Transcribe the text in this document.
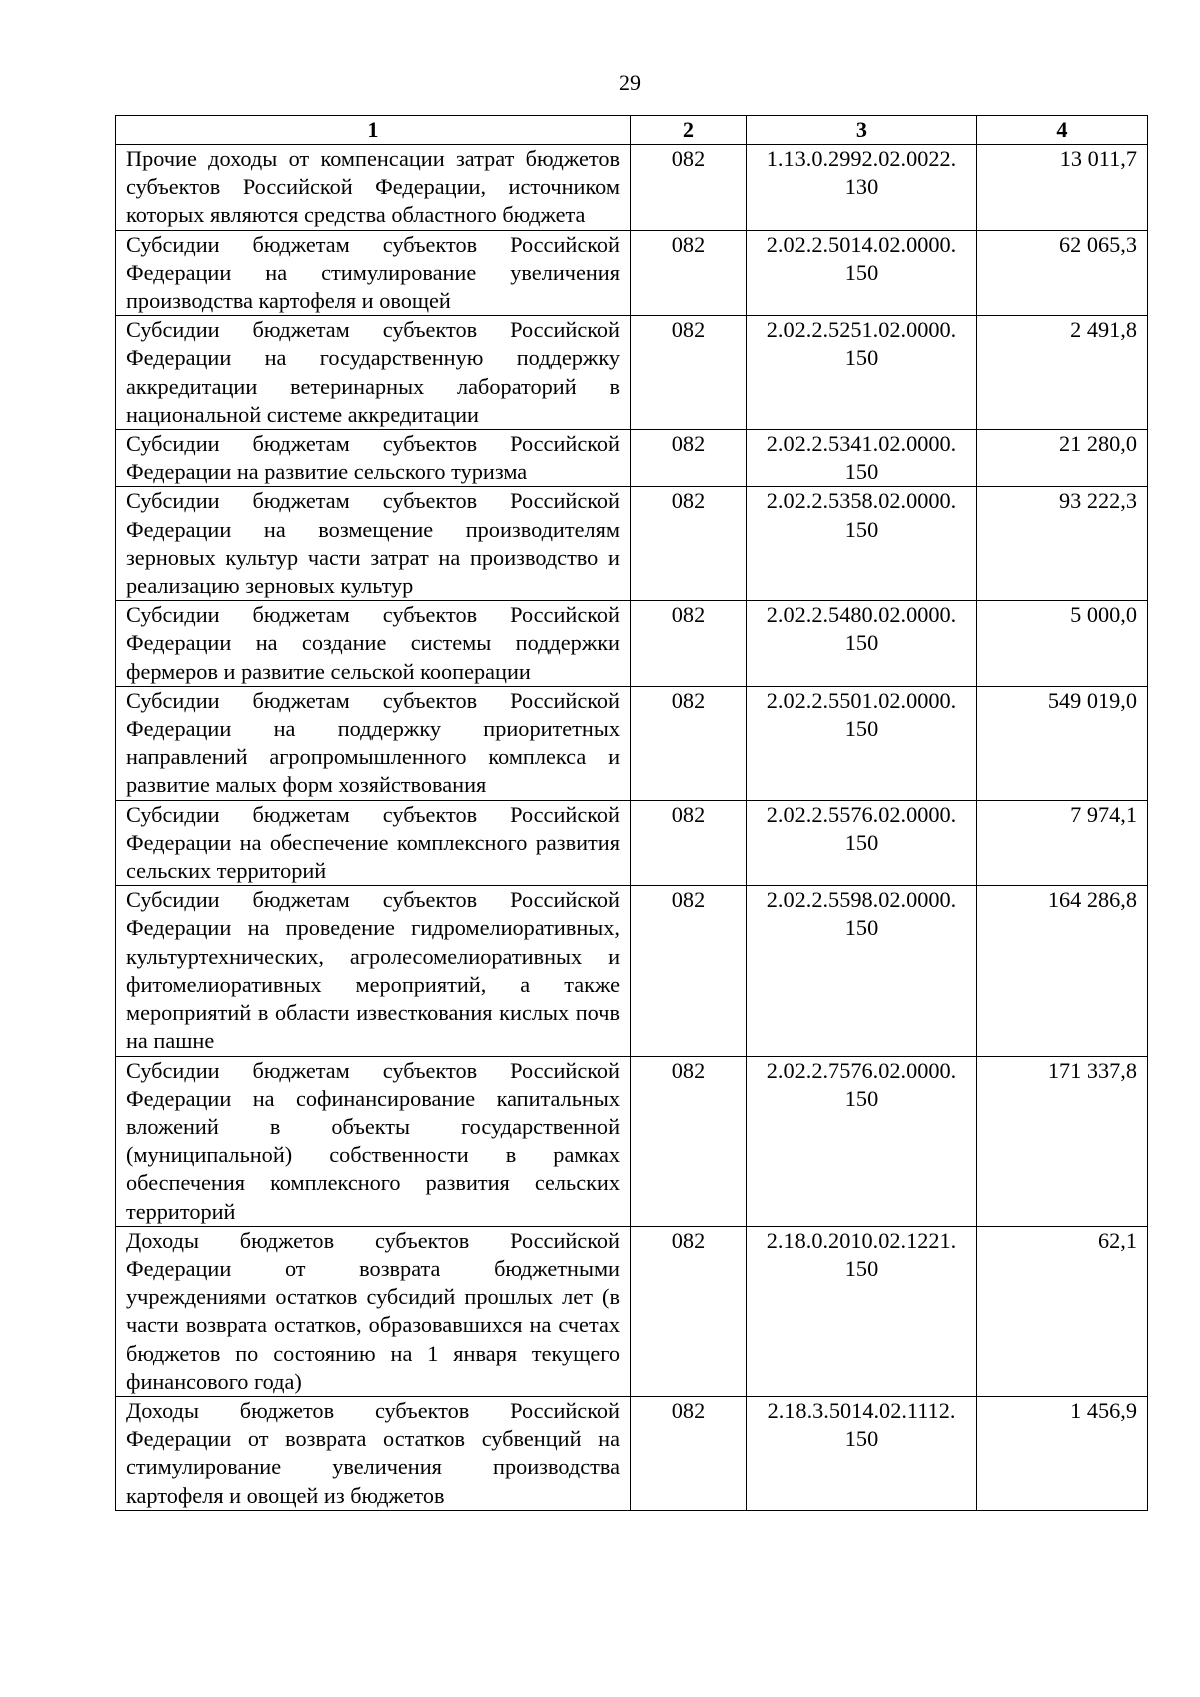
29
1	2	3	4
Прочие доходы от компенсации затрат бюджетов субъектов Российской Федерации, источником которых являются средства областного бюджета	082	1.13.0.2992.02.0022. 130	13 011,7
Субсидии бюджетам субъектов Российской Федерации на стимулирование увеличения производства картофеля и овощей	082	2.02.2.5014.02.0000. 150	62 065,3
Субсидии бюджетам субъектов Российской Федерации на государственную поддержку аккредитации ветеринарных лабораторий в национальной системе аккредитации	082	2.02.2.5251.02.0000. 150	2 491,8
Субсидии бюджетам субъектов Российской Федерации на развитие сельского туризма	082	2.02.2.5341.02.0000. 150	21 280,0
Субсидии бюджетам субъектов Российской Федерации на возмещение производителям зерновых культур части затрат на производство и реализацию зерновых культур	082	2.02.2.5358.02.0000. 150	93 222,3
Субсидии бюджетам субъектов Российской Федерации на создание системы поддержки фермеров и развитие сельской кооперации	082	2.02.2.5480.02.0000. 150	5 000,0
Субсидии бюджетам субъектов Российской Федерации на поддержку приоритетных направлений агропромышленного комплекса и развитие малых форм хозяйствования	082	2.02.2.5501.02.0000. 150	549 019,0
Субсидии бюджетам субъектов Российской Федерации на обеспечение комплексного развития сельских территорий	082	2.02.2.5576.02.0000. 150	7 974,1
Субсидии бюджетам субъектов Российской Федерации на проведение гидромелиоративных, культуртехнических, агролесомелиоративных и фитомелиоративных мероприятий, а также мероприятий в области известкования кислых почв на пашне	082	2.02.2.5598.02.0000. 150	164 286,8
Субсидии бюджетам субъектов Российской Федерации на софинансирование капитальных вложений в объекты государственной (муниципальной) собственности в рамках обеспечения комплексного развития сельских территорий	082	2.02.2.7576.02.0000. 150	171 337,8
Доходы бюджетов субъектов Российской Федерации от возврата бюджетными учреждениями остатков субсидий прошлых лет (в части возврата остатков, образовавшихся на счетах бюджетов по состоянию на 1 января текущего финансового года)	082	2.18.0.2010.02.1221. 150	62,1
Доходы бюджетов субъектов Российской Федерации от возврата остатков субвенций на стимулирование увеличения производства картофеля и овощей из бюджетов	082	2.18.3.5014.02.1112. 150	1 456,9
